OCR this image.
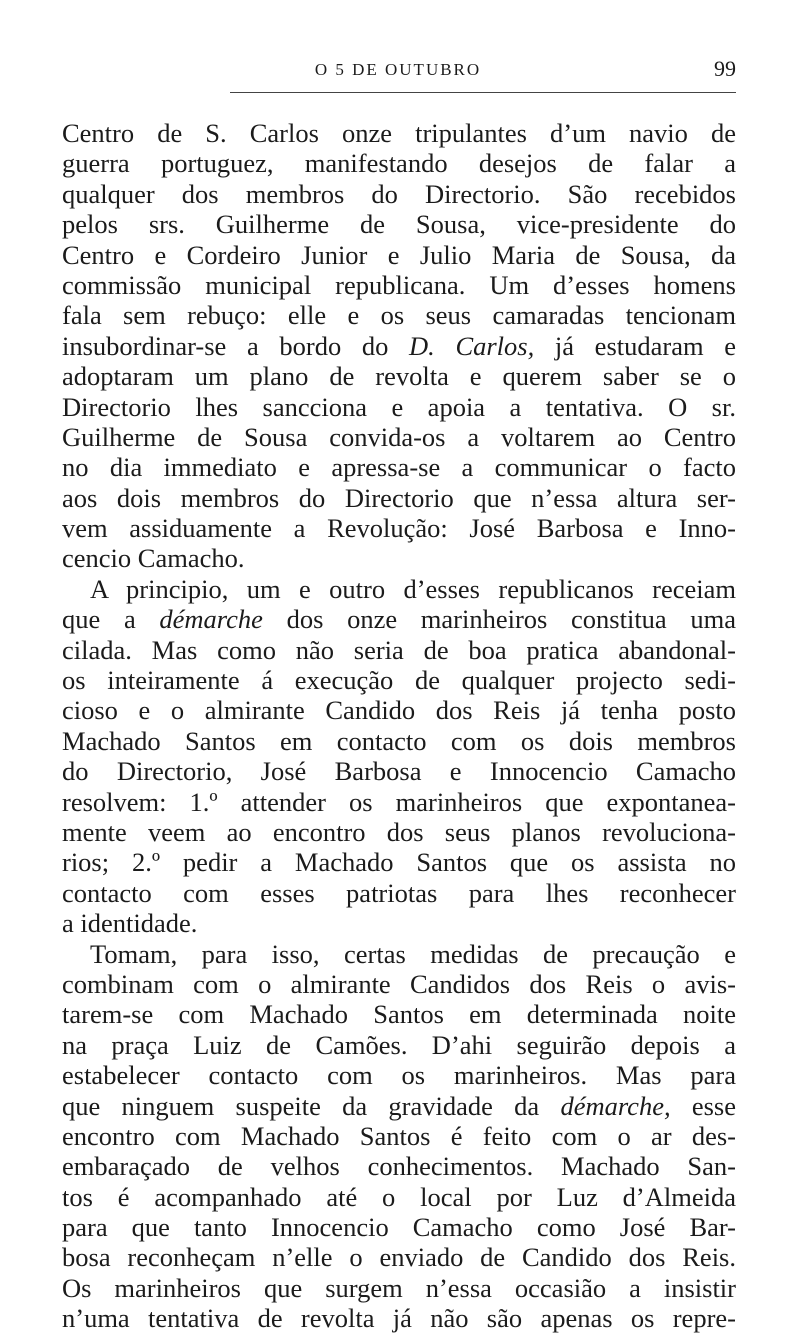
O 5 DE OUTUBRO	99
Centro de S. Carlos onze tripulantes d’um navio de
guerra portuguez, manifestando desejos de falar a
qualquer dos membros do Directorio. São recebidos
pelos srs. Guilherme de Sousa, vice-presidente do
Centro e Cordeiro Junior e Julio Maria de Sousa, da
commissão municipal republicana. Um d’esses homens
fala sem rebuço: elle e os seus camaradas tencionam
insubordinar-se a bordo do D. Carlos, já estudaram e
adoptaram um plano de revolta e querem saber se o
Directorio lhes sancciona e apoia a tentativa. O sr.
Guilherme de Sousa convida-os a voltarem ao Centro
no dia immediato e apressa-se a communicar o facto
aos dois membros do Directorio que n’essa altura ser-
vem assiduamente a Revolução: José Barbosa e Inno-
cencio Camacho.
A principio, um e outro d’esses republicanos receiam
que a démarche dos onze marinheiros constitua uma
cilada. Mas como não seria de boa pratica abandonal-
os inteiramente á execução de qualquer projecto sedi-
cioso e o almirante Candido dos Reis já tenha posto
Machado Santos em contacto com os dois membros
do Directorio, José Barbosa e Innocencio Camacho
resolvem: 1.º attender os marinheiros que expontanea-
mente veem ao encontro dos seus planos revoluciona-
rios; 2.º pedir a Machado Santos que os assista no
contacto com esses patriotas para lhes reconhecer
a identidade.
Tomam, para isso, certas medidas de precaução e
combinam com o almirante Candidos dos Reis o avis-
tarem-se com Machado Santos em determinada noite
na praça Luiz de Camões. D’ahi seguirão depois a
estabelecer contacto com os marinheiros. Mas para
que ninguem suspeite da gravidade da démarche, esse
encontro com Machado Santos é feito com o ar des-
embaraçado de velhos conhecimentos. Machado San-
tos é acompanhado até o local por Luz d’Almeida
para que tanto Innocencio Camacho como José Bar-
bosa reconheçam n’elle o enviado de Candido dos Reis.
Os marinheiros que surgem n’essa occasião a insistir
n’uma tentativa de revolta já não são apenas os repre-
